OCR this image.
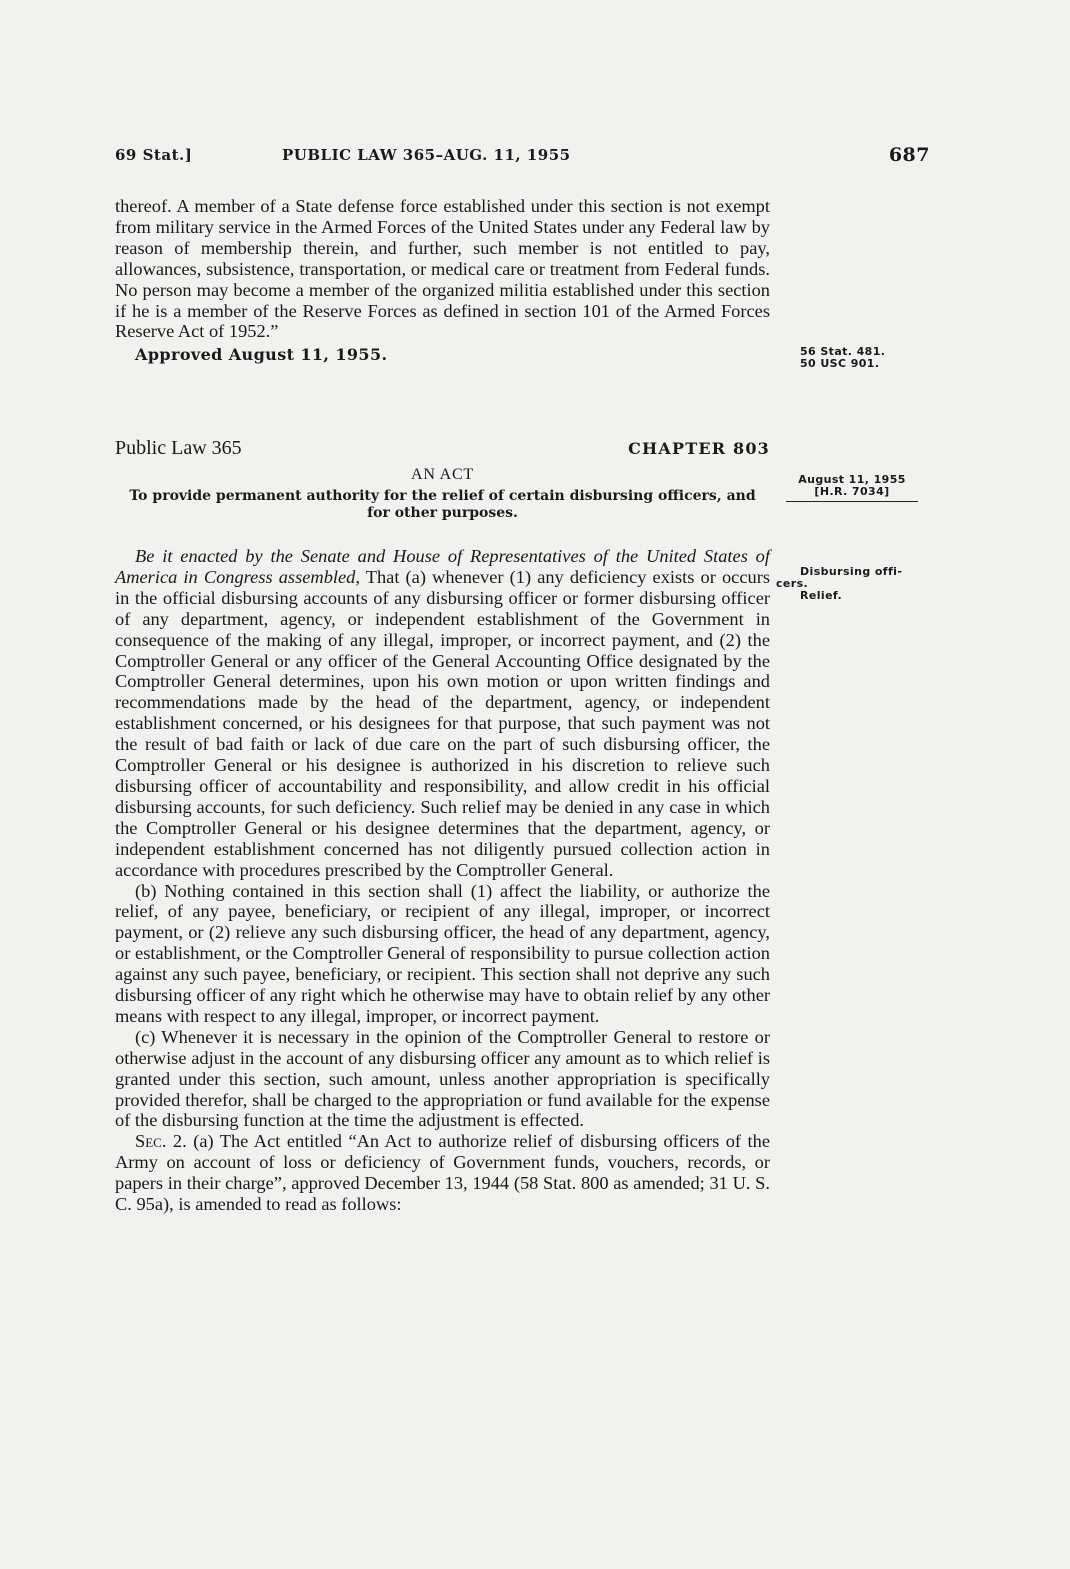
69 Stat.]	PUBLIC LAW 365–AUG. 11, 1955	687

thereof. A member of a State defense force established under this section is not exempt from military service in the Armed Forces of the United States under any Federal law by reason of membership therein, and further, such member is not entitled to pay, allowances, subsistence, transportation, or medical care or treatment from Federal funds. No person may become a member of the organized militia established under this section if he is a member of the Reserve Forces as defined in section 101 of the Armed Forces Reserve Act of 1952.”

Approved August 11, 1955.	56 Stat. 481.
50 USC 901.
Public Law 365	CHAPTER 803
AN ACT
To provide permanent authority for the relief of certain disbursing officers, and
for other purposes.
August 11, 1955
[H.R. 7034]
Disbursing offi-
cers.
Relief.

Be it enacted by the Senate and House of Representatives of the United States of America in Congress assembled, That (a) whenever (1) any deficiency exists or occurs in the official disbursing accounts of any disbursing officer or former disbursing officer of any department, agency, or independent establishment of the Government in consequence of the making of any illegal, improper, or incorrect payment, and (2) the Comptroller General or any officer of the General Accounting Office designated by the Comptroller General determines, upon his own motion or upon written findings and recommendations made by the head of the department, agency, or independent establishment concerned, or his designees for that purpose, that such payment was not the result of bad faith or lack of due care on the part of such disbursing officer, the Comptroller General or his designee is authorized in his discretion to relieve such disbursing officer of accountability and responsibility, and allow credit in his official disbursing accounts, for such deficiency. Such relief may be denied in any case in which the Comptroller General or his designee determines that the department, agency, or independent establishment concerned has not diligently pursued collection action in accordance with procedures prescribed by the Comptroller General.

(b) Nothing contained in this section shall (1) affect the liability, or authorize the relief, of any payee, beneficiary, or recipient of any illegal, improper, or incorrect payment, or (2) relieve any such disbursing officer, the head of any department, agency, or establishment, or the Comptroller General of responsibility to pursue collection action against any such payee, beneficiary, or recipient. This section shall not deprive any such disbursing officer of any right which he otherwise may have to obtain relief by any other means with respect to any illegal, improper, or incorrect payment.

(c) Whenever it is necessary in the opinion of the Comptroller General to restore or otherwise adjust in the account of any disbursing officer any amount as to which relief is granted under this section, such amount, unless another appropriation is specifically provided therefor, shall be charged to the appropriation or fund available for the expense of the disbursing function at the time the adjustment is effected.

Sec. 2. (a) The Act entitled “An Act to authorize relief of disbursing officers of the Army on account of loss or deficiency of Government funds, vouchers, records, or papers in their charge”, approved December 13, 1944 (58 Stat. 800 as amended; 31 U. S. C. 95a), is amended to read as follows:
